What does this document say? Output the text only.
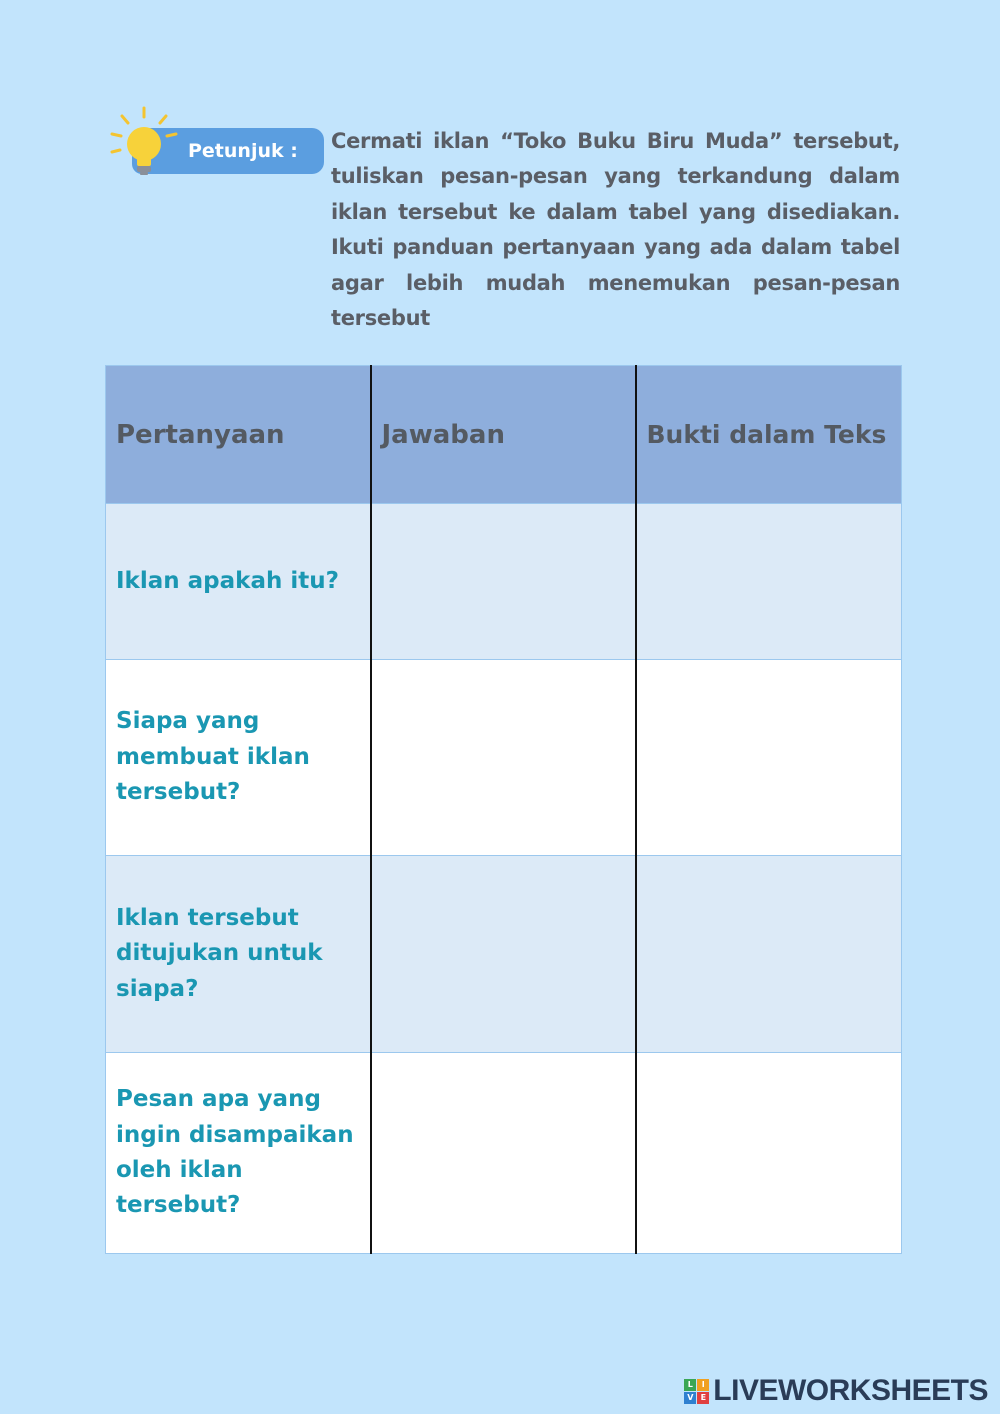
Petunjuk :	Cermati iklan “Toko Buku Biru Muda” tersebut, tuliskan pesan-pesan yang terkandung dalam iklan tersebut ke dalam tabel yang disediakan. Ikuti panduan pertanyaan yang ada dalam tabel agar lebih mudah menemukan pesan-pesan tersebut
Pertanyaan	Jawaban	Bukti dalam Teks
Iklan apakah itu?		
Siapa yang membuat iklan tersebut?		
Iklan tersebut ditujukan untuk siapa?		
Pesan apa yang ingin disampaikan oleh iklan tersebut?		
L	I
V E LIVEWORKSHEETS
